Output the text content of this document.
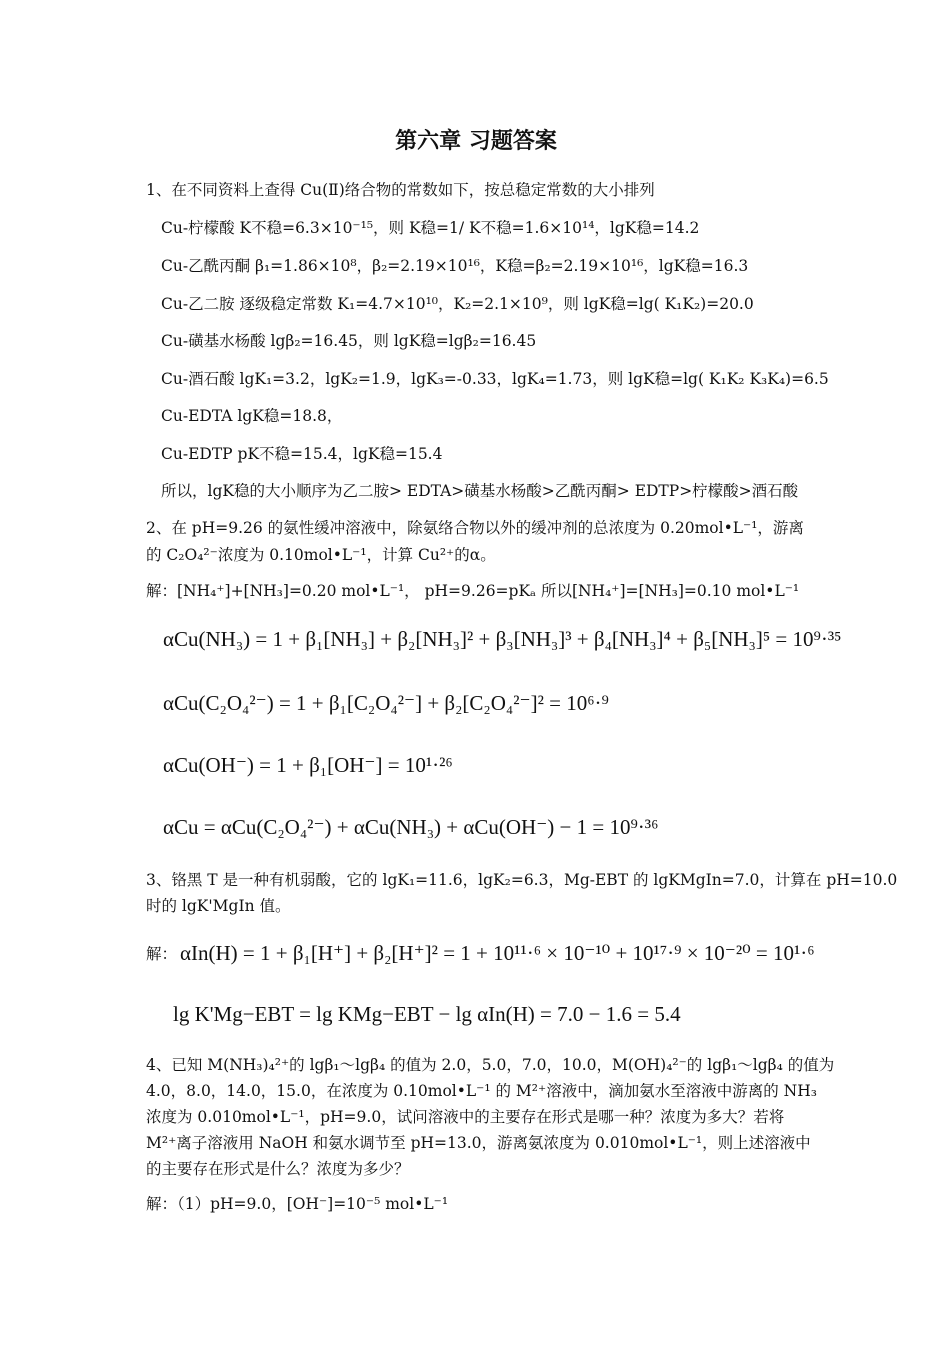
第六章 习题答案
1、在不同资料上查得 Cu(Ⅱ)络合物的常数如下，按总稳定常数的大小排列
Cu-柠檬酸 K不稳=6.3×10⁻¹⁵，则 K稳=1/ K不稳=1.6×10¹⁴，lgK稳=14.2
Cu-乙酰丙酮 β₁=1.86×10⁸，β₂=2.19×10¹⁶，K稳=β₂=2.19×10¹⁶，lgK稳=16.3
Cu-乙二胺 逐级稳定常数 K₁=4.7×10¹⁰，K₂=2.1×10⁹，则 lgK稳=lg( K₁K₂)=20.0
Cu-磺基水杨酸 lgβ₂=16.45，则 lgK稳=lgβ₂=16.45
Cu-酒石酸 lgK₁=3.2，lgK₂=1.9，lgK₃=-0.33，lgK₄=1.73，则 lgK稳=lg( K₁K₂ K₃K₄)=6.5
Cu-EDTA lgK稳=18.8，
Cu-EDTP pK不稳=15.4，lgK稳=15.4
所以，lgK稳的大小顺序为乙二胺> EDTA>磺基水杨酸>乙酰丙酮> EDTP>柠檬酸>酒石酸
2、在 pH=9.26 的氨性缓冲溶液中，除氨络合物以外的缓冲剂的总浓度为 0.20mol•L⁻¹，游离
的 C₂O₄²⁻浓度为 0.10mol•L⁻¹，计算 Cu²⁺的α。
解：[NH₄⁺]+[NH₃]=0.20 mol•L⁻¹， pH=9.26=pKₐ 所以[NH₄⁺]=[NH₃]=0.10 mol•L⁻¹
αCu(NH₃) = 1 + β₁[NH₃] + β₂[NH₃]² + β₃[NH₃]³ + β₄[NH₃]⁴ + β₅[NH₃]⁵ = 10⁹·³⁵
αCu(C₂O₄²⁻) = 1 + β₁[C₂O₄²⁻] + β₂[C₂O₄²⁻]² = 10⁶·⁹
αCu(OH⁻) = 1 + β₁[OH⁻] = 10¹·²⁶
αCu = αCu(C₂O₄²⁻) + αCu(NH₃) + αCu(OH⁻) − 1 = 10⁹·³⁶
3、铬黑 T 是一种有机弱酸，它的 lgK₁=11.6，lgK₂=6.3，Mg-EBT 的 lgKMgIn=7.0，计算在 pH=10.0
时的 lgK'MgIn 值。
解： αIn(H) = 1 + β₁[H⁺] + β₂[H⁺]² = 1 + 10¹¹·⁶ × 10⁻¹⁰ + 10¹⁷·⁹ × 10⁻²⁰ = 10¹·⁶
lg K'Mg−EBT = lg KMg−EBT − lg αIn(H) = 7.0 − 1.6 = 5.4
4、已知 M(NH₃)₄²⁺的 lgβ₁～lgβ₄ 的值为 2.0，5.0，7.0，10.0，M(OH)₄²⁻的 lgβ₁～lgβ₄ 的值为
4.0，8.0，14.0，15.0，在浓度为 0.10mol•L⁻¹ 的 M²⁺溶液中，滴加氨水至溶液中游离的 NH₃
浓度为 0.010mol•L⁻¹，pH=9.0，试问溶液中的主要存在形式是哪一种？浓度为多大？若将
M²⁺离子溶液用 NaOH 和氨水调节至 pH=13.0，游离氨浓度为 0.010mol•L⁻¹，则上述溶液中
的主要存在形式是什么？浓度为多少？
解：（1）pH=9.0，[OH⁻]=10⁻⁵ mol•L⁻¹
